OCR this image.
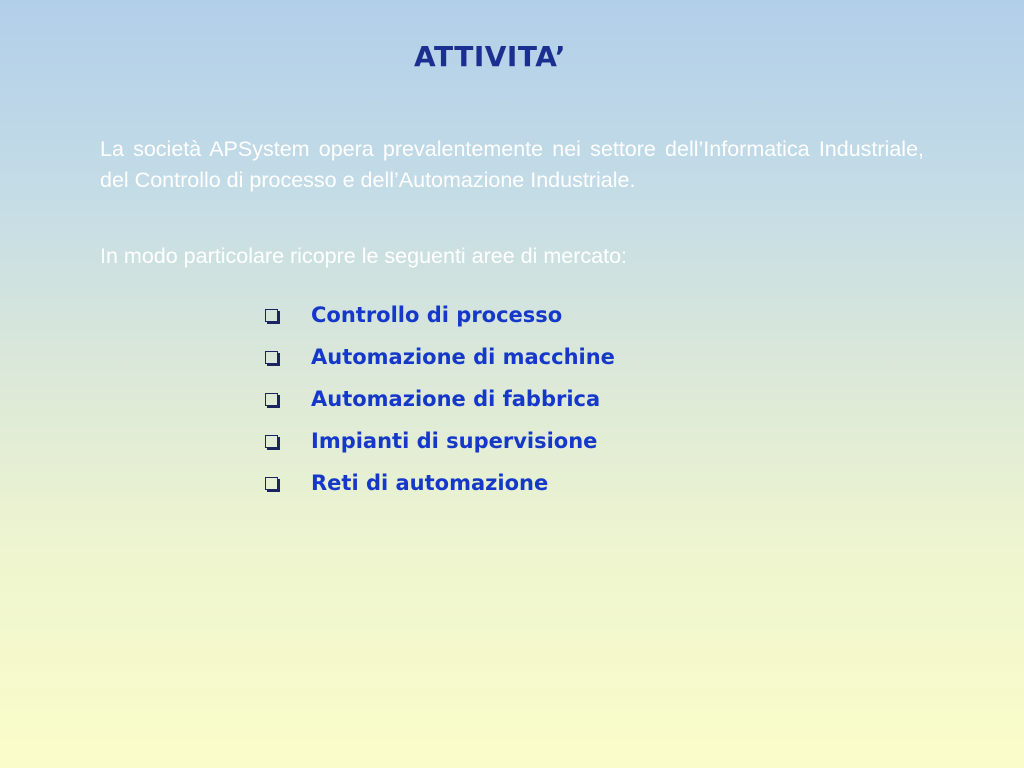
ATTIVITA’

La società APSystem opera prevalentemente nei settore dell’Informatica Industriale, del Controllo di processo e dell’Automazione Industriale.

In modo particolare ricopre le seguenti aree di mercato:

Controllo di processo
Automazione di macchine
Automazione di fabbrica
Impianti di supervisione
Reti di automazione
